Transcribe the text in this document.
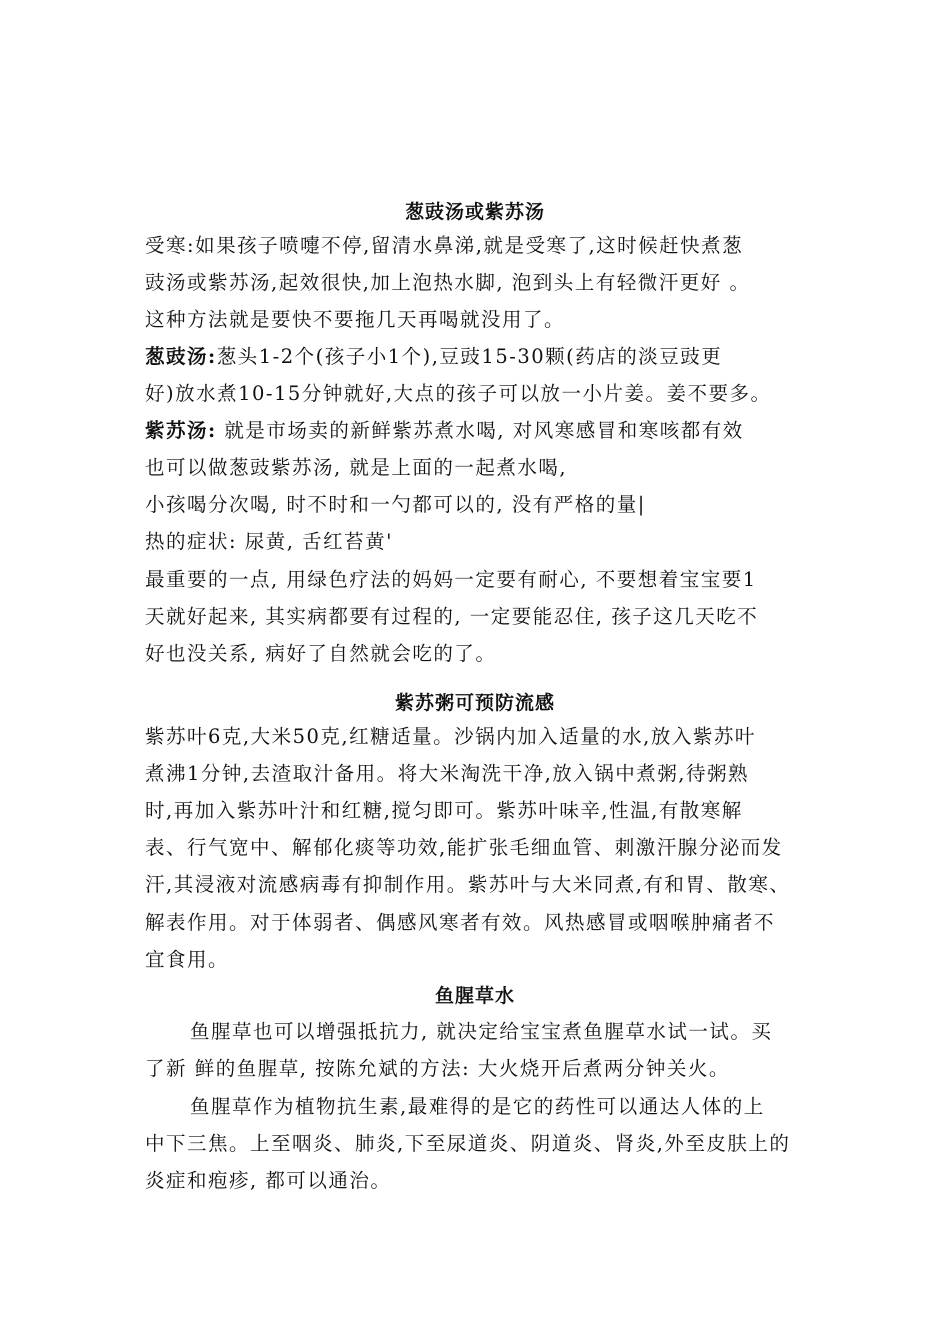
葱豉汤或紫苏汤
受寒:如果孩子喷嚏不停,留清水鼻涕,就是受寒了,这时候赶快煮葱
豉汤或紫苏汤,起效很快,加上泡热水脚, 泡到头上有轻微汗更好 。
这种方法就是要快不要拖几天再喝就没用了。
葱豉汤:葱头1-2个(孩子小1个),豆豉15-30颗(药店的淡豆豉更
好)放水煮10-15分钟就好,大点的孩子可以放一小片姜。姜不要多。
紫苏汤: 就是市场卖的新鲜紫苏煮水喝, 对风寒感冒和寒咳都有效
也可以做葱豉紫苏汤, 就是上面的一起煮水喝,
小孩喝分次喝, 时不时和一勺都可以的, 没有严格的量|
热的症状: 尿黄, 舌红苔黄'
最重要的一点, 用绿色疗法的妈妈一定要有耐心, 不要想着宝宝要1
天就好起来, 其实病都要有过程的, 一定要能忍住, 孩子这几天吃不
好也没关系, 病好了自然就会吃的了。
紫苏粥可预防流感
紫苏叶6克,大米50克,红糖适量。沙锅内加入适量的水,放入紫苏叶
煮沸1分钟,去渣取汁备用。将大米淘洗干净,放入锅中煮粥,待粥熟
时,再加入紫苏叶汁和红糖,搅匀即可。紫苏叶味辛,性温,有散寒解
表、行气宽中、解郁化痰等功效,能扩张毛细血管、刺激汗腺分泌而发
汗,其浸液对流感病毒有抑制作用。紫苏叶与大米同煮,有和胃、散寒、
解表作用。对于体弱者、偶感风寒者有效。风热感冒或咽喉肿痛者不
宜食用。
鱼腥草水
鱼腥草也可以增强抵抗力, 就决定给宝宝煮鱼腥草水试一试。买
了新 鲜的鱼腥草, 按陈允斌的方法: 大火烧开后煮两分钟关火。
鱼腥草作为植物抗生素,最难得的是它的药性可以通达人体的上
中下三焦。上至咽炎、肺炎,下至尿道炎、阴道炎、肾炎,外至皮肤上的
炎症和疱疹, 都可以通治。
